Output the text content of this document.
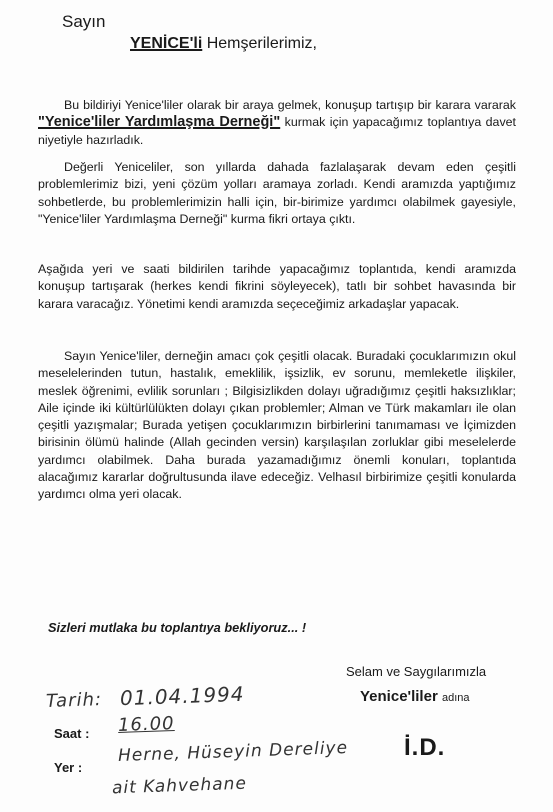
Sayın
YENİCE'li Hemşerilerimiz,

Bu bildiriyi Yenice'liler olarak bir araya gelmek, konuşup tartışıp bir karara vararak "Yenice'liler Yardımlaşma Derneği" kurmak için yapacağımız toplantıya davet niyetiyle hazırladık.

Değerli Yeniceliler, son yıllarda dahada fazlalaşarak devam eden çeşitli problemlerimiz bizi, yeni çözüm yolları aramaya zorladı. Kendi aramızda yaptığımız sohbetlerde, bu problemlerimizin halli için, bir-birimize yardımcı olabilmek gayesiyle, "Yenice'liler Yardımlaşma Derneği" kurma fikri ortaya çıktı.

Aşağıda yeri ve saati bildirilen tarihde yapacağımız toplantıda, kendi aramızda konuşup tartışarak (herkes kendi fikrini söyleyecek), tatlı bir sohbet havasında bir karara varacağız. Yönetimi kendi aramızda seçeceğimiz arkadaşlar yapacak.

Sayın Yenice'liler, derneğin amacı çok çeşitli olacak. Buradaki çocuklarımızın okul meselelerinden tutun, hastalık, emeklilik, işsizlik, ev sorunu, memleketle ilişkiler, meslek öğrenimi, evlilik sorunları ; Bilgisizlikden dolayı uğradığımız çeşitli haksızlıklar; Aile içinde iki kültürlülükten dolayı çıkan problemler; Alman ve Türk makamları ile olan çeşitli yazışmalar; Burada yetişen çocuklarımızın birbirlerini tanımaması ve İçimizden birisinin ölümü halinde (Allah gecinden versin) karşılaşılan zorluklar gibi meselelerde yardımcı olabilmek. Daha burada yazamadığımız önemli konuları, toplantıda alacağımız kararlar doğrultusunda ilave edeceğiz. Velhasıl birbirimize çeşitli konularda yardımcı olma yeri olacak.

Sizleri mutlaka bu toplantıya bekliyoruz... !
Selam ve Saygılarımızla
Yenice'liler adına
İ.D.
Tarih: 01.04.1994
Saat : 16.00
Yer :
Herne, Hüseyin Dereliye
ait Kahvehane
